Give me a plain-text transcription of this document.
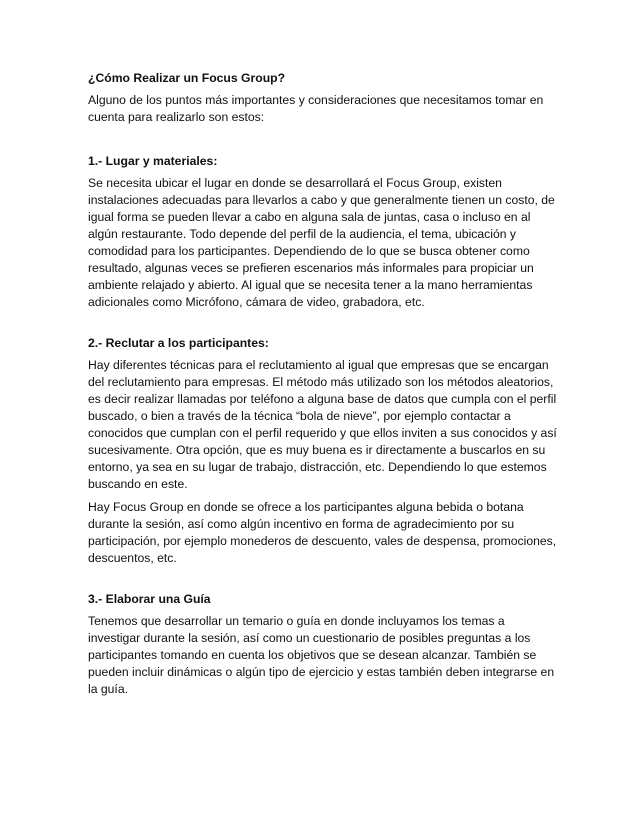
¿Cómo Realizar un Focus Group?

Alguno de los puntos más importantes y consideraciones que necesitamos tomar en cuenta para realizarlo son estos:

1.- Lugar y materiales:

Se necesita ubicar el lugar en donde se desarrollará el Focus Group, existen instalaciones adecuadas para llevarlos a cabo y que generalmente tienen un costo, de igual forma se pueden llevar a cabo en alguna sala de juntas, casa o incluso en al algún restaurante. Todo depende del perfil de la audiencia, el tema, ubicación y comodidad para los participantes. Dependiendo de lo que se busca obtener como resultado, algunas veces se prefieren escenarios más informales para propiciar un ambiente relajado y abierto. Al igual que se necesita tener a la mano herramientas adicionales como Micrófono, cámara de video, grabadora, etc.

2.- Reclutar a los participantes:

Hay diferentes técnicas para el reclutamiento al igual que empresas que se encargan del reclutamiento para empresas. El método más utilizado son los métodos aleatorios, es decir realizar llamadas por teléfono a alguna base de datos que cumpla con el perfil buscado, o bien a través de la técnica “bola de nieve”, por ejemplo contactar a conocidos que cumplan con el perfil requerido y que ellos inviten a sus conocidos y así sucesivamente. Otra opción, que es muy buena es ir directamente a buscarlos en su entorno, ya sea en su lugar de trabajo, distracción, etc. Dependiendo lo que estemos buscando en este.

Hay Focus Group en donde se ofrece a los participantes alguna bebida o botana durante la sesión, así como algún incentivo en forma de agradecimiento por su participación, por ejemplo monederos de descuento, vales de despensa, promociones, descuentos, etc.

3.- Elaborar una Guía

Tenemos que desarrollar un temario o guía en donde incluyamos los temas a investigar durante la sesión, así como un cuestionario de posibles preguntas a los participantes tomando en cuenta los objetivos que se desean alcanzar. También se pueden incluir dinámicas o algún tipo de ejercicio y estas también deben integrarse en la guía.
